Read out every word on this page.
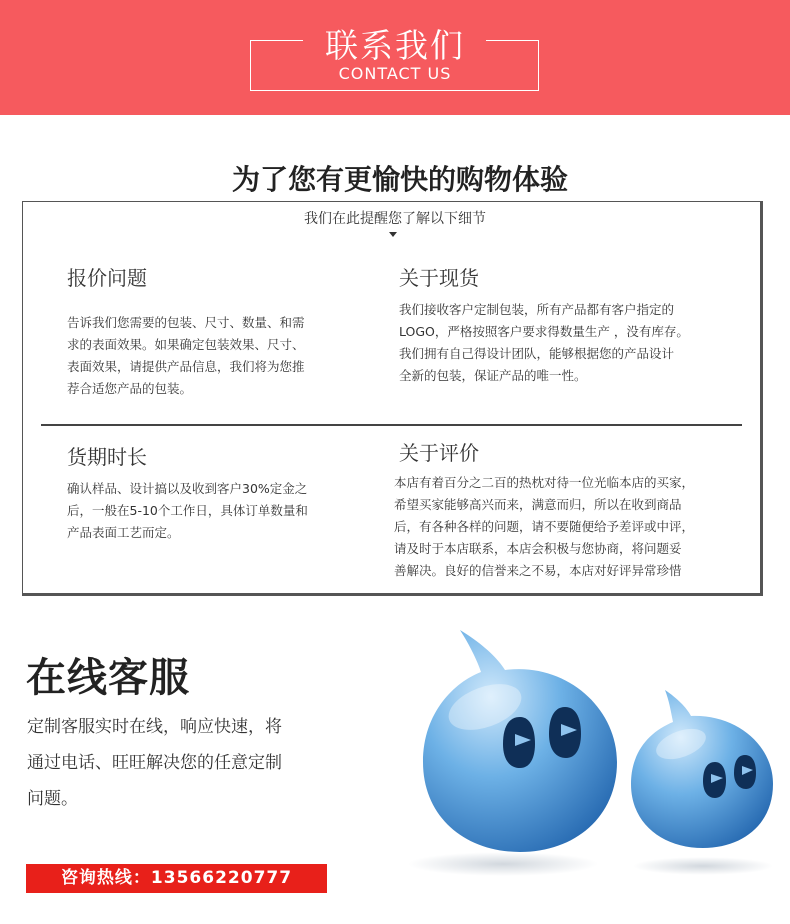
联系我们
CONTACT US
为了您有更愉快的购物体验
我们在此提醒您了解以下细节
报价问题
告诉我们您需要的包装、尺寸、数量、和需
求的表面效果。如果确定包装效果、尺寸、
表面效果，请提供产品信息，我们将为您推
荐合适您产品的包装。
关于现货
我们接收客户定制包装，所有产品都有客户指定的
LOGO，严格按照客户要求得数量生产 ，没有库存。
我们拥有自己得设计团队，能够根据您的产品设计
全新的包装，保证产品的唯一性。
货期时长
确认样品、设计搞以及收到客户30%定金之
后，一般在5-10个工作日，具体订单数量和
产品表面工艺而定。
关于评价
本店有着百分之二百的热枕对待一位光临本店的买家，
希望买家能够高兴而来，满意而归，所以在收到商品
后，有各种各样的问题，请不要随便给予差评或中评，
请及时于本店联系，本店会积极与您协商，将问题妥
善解决。良好的信誉来之不易，本店对好评异常珍惜
在线客服
定制客服实时在线，响应快速，将
通过电话、旺旺解决您的任意定制
问题。
咨询热线：13566220777
